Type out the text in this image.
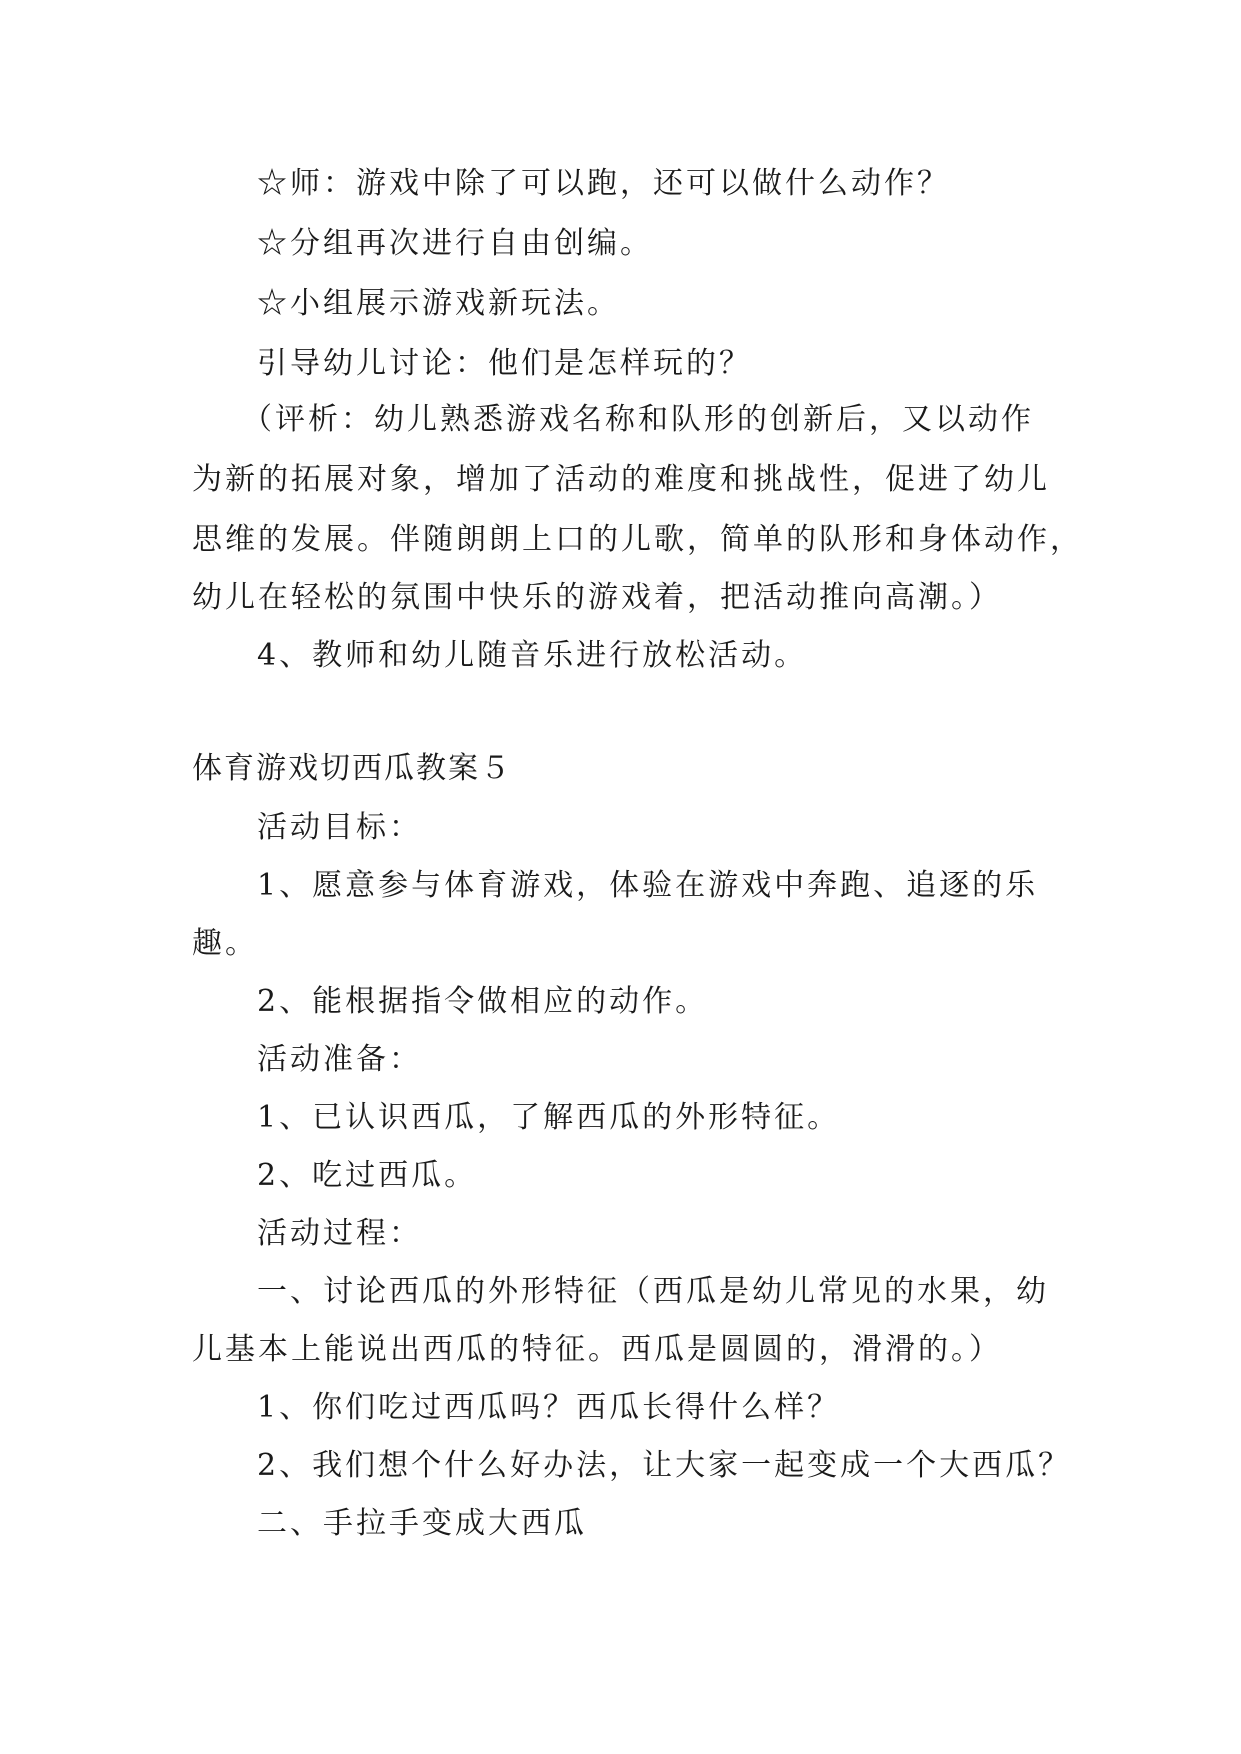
☆师：游戏中除了可以跑，还可以做什么动作？

☆分组再次进行自由创编。

☆小组展示游戏新玩法。

引导幼儿讨论：他们是怎样玩的？

（评析：幼儿熟悉游戏名称和队形的创新后，又以动作

为新的拓展对象，增加了活动的难度和挑战性，促进了幼儿

思维的发展。伴随朗朗上口的儿歌，简单的队形和身体动作，

幼儿在轻松的氛围中快乐的游戏着，把活动推向高潮。）

4、教师和幼儿随音乐进行放松活动。

体育游戏切西瓜教案５

活动目标：

1、愿意参与体育游戏，体验在游戏中奔跑、追逐的乐

趣。

2、能根据指令做相应的动作。

活动准备：

1、已认识西瓜，了解西瓜的外形特征。

2、吃过西瓜。

活动过程：

一、讨论西瓜的外形特征（西瓜是幼儿常见的水果，幼

儿基本上能说出西瓜的特征。西瓜是圆圆的，滑滑的。）

1、你们吃过西瓜吗？西瓜长得什么样？

2、我们想个什么好办法，让大家一起变成一个大西瓜？

二、手拉手变成大西瓜
